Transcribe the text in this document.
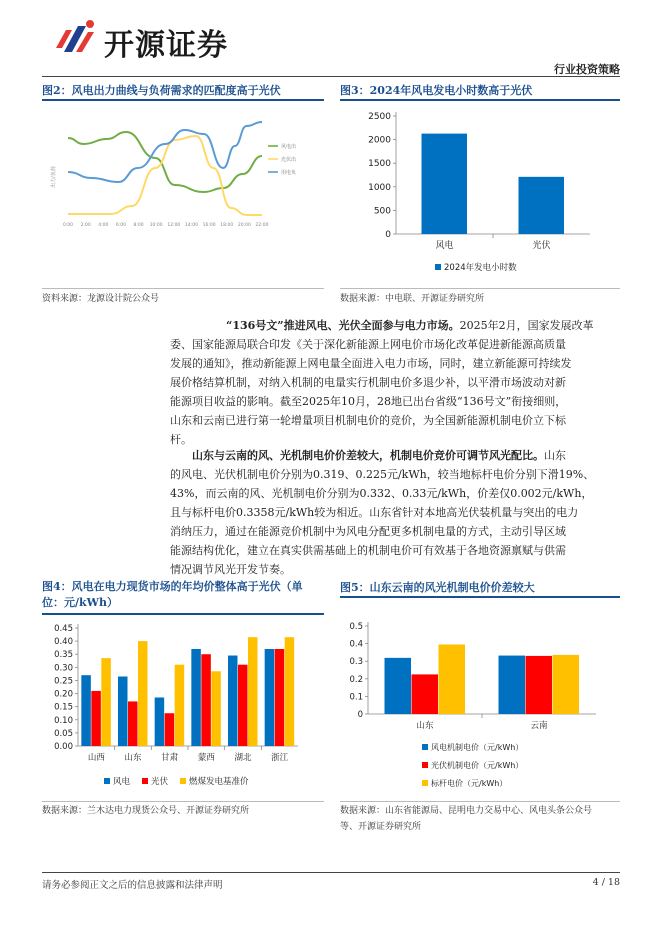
开源证券
行业投资策略
图2：风电出力曲线与负荷需求的匹配度高于光伏
出力/负荷
0:00 2:00 4:00 6:00 8:00 10:00 12:00 14:00 16:00 18:00 20:00 22:00
风电出
光伏出
用电负
资料来源：龙源设计院公众号
图3：2024年风电发电小时数高于光伏
0
500
1000
1500
2000
2500
风电	光伏
2024年发电小时数
数据来源：中电联、开源证券研究所
“136号文”推进风电、光伏全面参与电力市场。2025年2月，国家发展改革
委、国家能源局联合印发《关于深化新能源上网电价市场化改革促进新能源高质量
发展的通知》，推动新能源上网电量全面进入电力市场，同时，建立新能源可持续发
展价格结算机制，对纳入机制的电量实行机制电价多退少补，以平滑市场波动对新
能源项目收益的影响。截至2025年10月，28地已出台省级“136号文”衔接细则，
山东和云南已进行第一轮增量项目机制电价的竞价，为全国新能源机制电价立下标
杆。
山东与云南的风、光机制电价价差较大，机制电价竞价可调节风光配比。山东
的风电、光伏机制电价分别为0.319、0.225元/kWh，较当地标杆电价分别下滑19%、
43%，而云南的风、光机制电价分别为0.332、0.33元/kWh，价差仅0.002元/kWh，
且与标杆电价0.3358元/kWh较为相近。山东省针对本地高光伏装机量与突出的电力
消纳压力，通过在能源竞价机制中为风电分配更多机制电量的方式，主动引导区域
能源结构优化，建立在真实供需基础上的机制电价可有效基于各地资源禀赋与供需
情况调节风光开发节奏。
图4：风电在电力现货市场的年均价整体高于光伏（单位：元/kWh）
0.00
0.05
0.10
0.15
0.20
0.25
0.30
0.35
0.40
0.45
山西 山东 甘肃 蒙西 湖北 浙江
风电 光伏 燃煤发电基准价
数据来源：兰木达电力现货公众号、开源证券研究所
图5：山东云南的风光机制电价价差较大
0
0.1
0.2
0.3
0.4
0.5
山东	云南
风电机制电价（元/kWh）
光伏机制电价（元/kWh）
标杆电价（元/kWh）
数据来源：山东省能源局、昆明电力交易中心、风电头条公众号
等、开源证券研究所
请务必参阅正文之后的信息披露和法律声明	4 / 18
